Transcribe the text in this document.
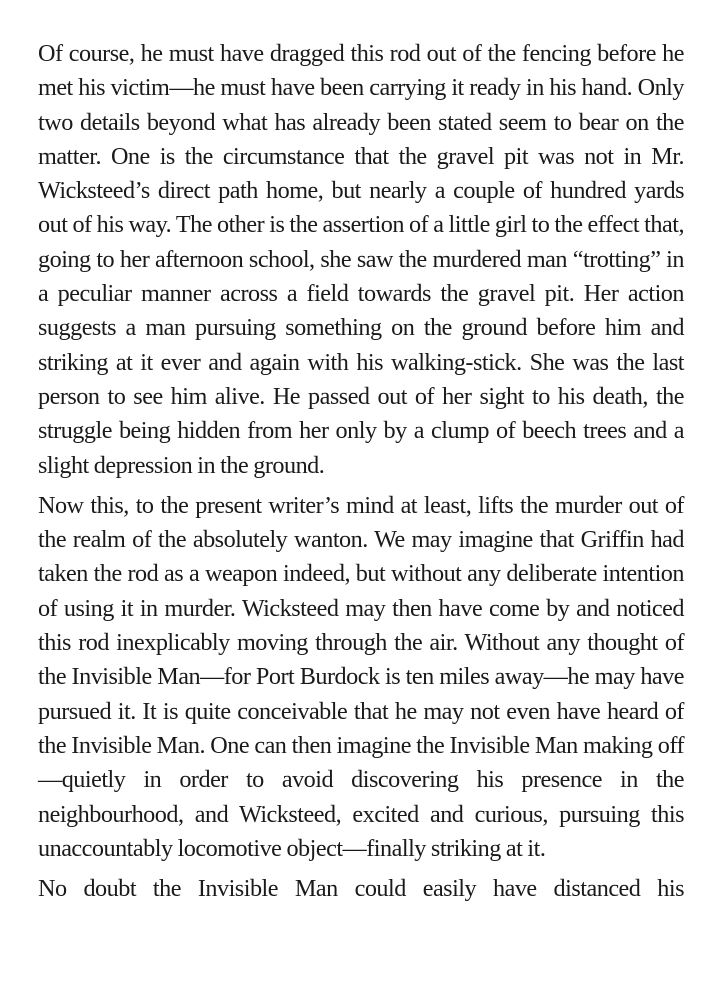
Of course, he must have dragged this rod out of the fencing before he met his victim—he must have been carrying it ready in his hand. Only two details beyond what has already been stated seem to bear on the matter. One is the circumstance that the gravel pit was not in Mr. Wicksteed’s direct path home, but nearly a couple of hundred yards out of his way. The other is the assertion of a little girl to the effect that, going to her afternoon school, she saw the murdered man “trotting” in a peculiar manner across a field towards the gravel pit. Her action suggests a man pursuing something on the ground before him and striking at it ever and again with his walking-stick. She was the last person to see him alive. He passed out of her sight to his death, the struggle being hidden from her only by a clump of beech trees and a slight depression in the ground.

Now this, to the present writer’s mind at least, lifts the murder out of the realm of the absolutely wanton. We may imagine that Griffin had taken the rod as a weapon indeed, but without any deliberate intention of using it in murder. Wicksteed may then have come by and noticed this rod inexplicably moving through the air. Without any thought of the Invisible Man—for Port Burdock is ten miles away—he may have pursued it. It is quite conceivable that he may not even have heard of the Invisible Man. One can then imagine the Invisible Man making off—quietly in order to avoid discovering his presence in the neighbourhood, and Wicksteed, excited and curious, pursuing this unaccountably locomotive object—finally striking at it.

No doubt the Invisible Man could easily have distanced his
